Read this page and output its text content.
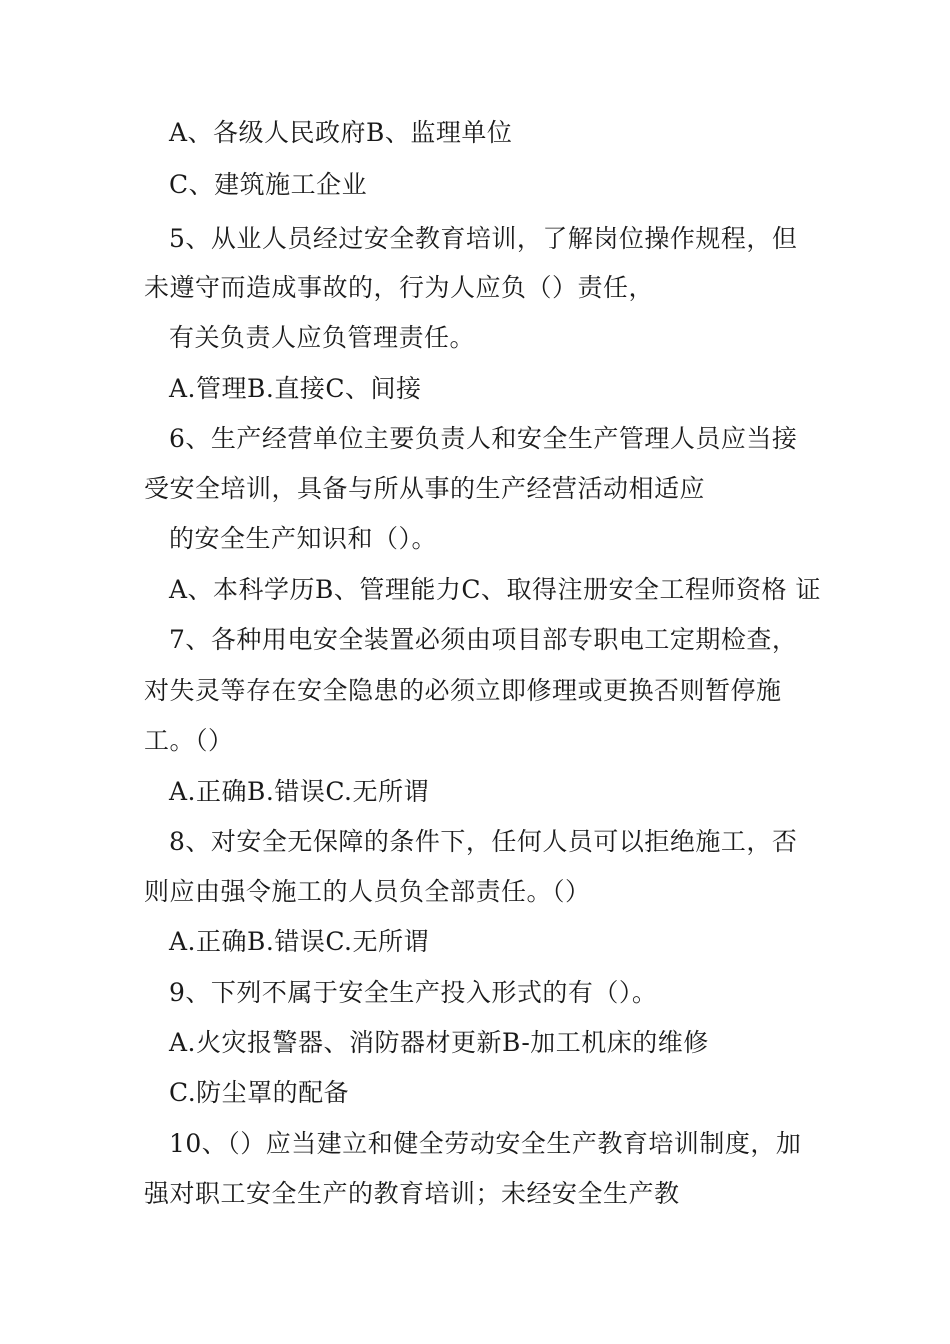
A、各级人民政府B、监理单位
C、建筑施工企业
5、从业人员经过安全教育培训，了解岗位操作规程，但
未遵守而造成事故的，行为人应负（）责任，
有关负责人应负管理责任。
A.管理B.直接C、间接
6、生产经营单位主要负责人和安全生产管理人员应当接
受安全培训，具备与所从事的生产经营活动相适应
的安全生产知识和（）。
A、本科学历B、管理能力C、取得注册安全工程师资格 证
7、各种用电安全装置必须由项目部专职电工定期检查，
对失灵等存在安全隐患的必须立即修理或更换否则暂停施
工。（）
A.正确B.错误C.无所谓
8、对安全无保障的条件下，任何人员可以拒绝施工，否
则应由强令施工的人员负全部责任。（）
A.正确B.错误C.无所谓
9、下列不属于安全生产投入形式的有（）。
A.火灾报警器、消防器材更新B-加工机床的维修
C.防尘罩的配备
10、（）应当建立和健全劳动安全生产教育培训制度，加
强对职工安全生产的教育培训；未经安全生产教
